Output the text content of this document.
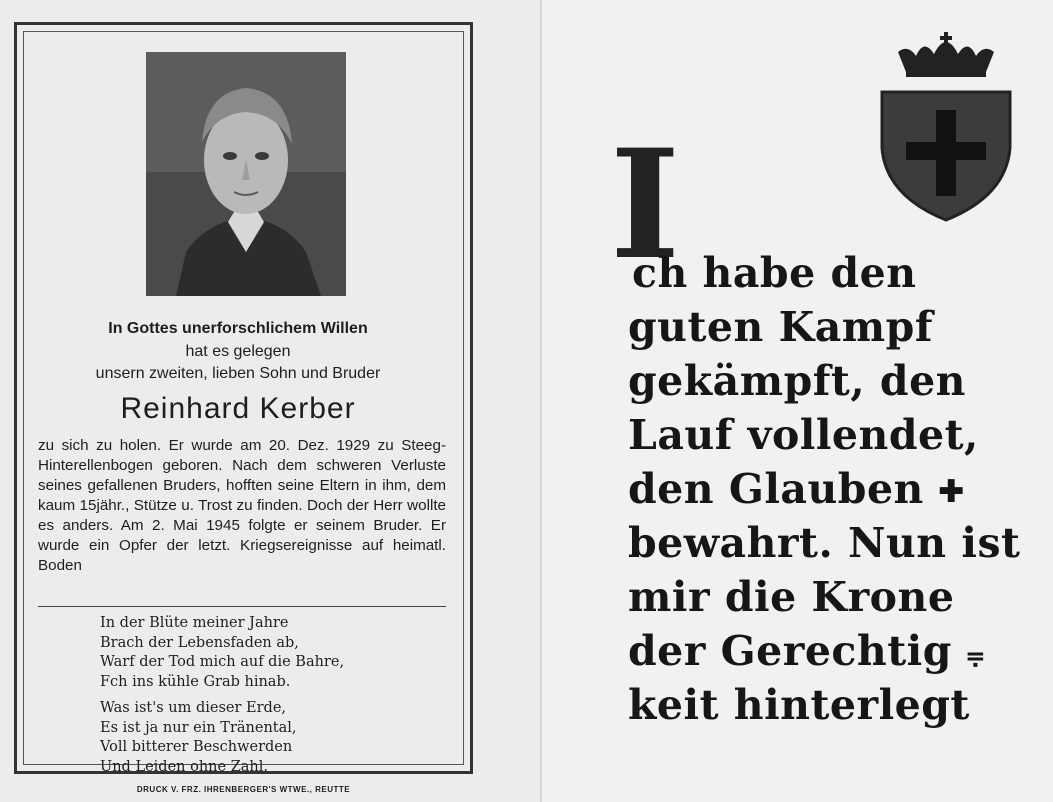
In Gottes unerforschlichem Willen
hat es gelegen
unsern zweiten, lieben Sohn und Bruder
Reinhard Kerber

zu sich zu holen. Er wurde am 20. Dez. 1929 zu Steeg-Hinterellenbogen geboren. Nach dem schweren Verluste seines gefallenen Bruders, hofften seine Eltern in ihm, dem kaum 15jähr., Stütze u. Trost zu finden. Doch der Herr wollte es anders. Am 2. Mai 1945 folgte er seinem Bruder. Er wurde ein Opfer der letzt. Kriegsereignisse auf heimatl. Boden

In der Blüte meiner Jahre
Brach der Lebensfaden ab,
Warf der Tod mich auf die Bahre,
Fch ins kühle Grab hinab.
Was ist's um dieser Erde,
Es ist ja nur ein Tränental,
Voll bitterer Beschwerden
Und Leiden ohne Zahl.
DRUCK V. FRZ. IHRENBERGER'S WTWE., REUTTE
I
ch habe den
guten Kampf
gekämpft, den
Lauf vollendet,
den Glauben ✚
bewahrt. Nun ist
mir die Krone
der Gerechtig ⩦
keit hinterlegt
